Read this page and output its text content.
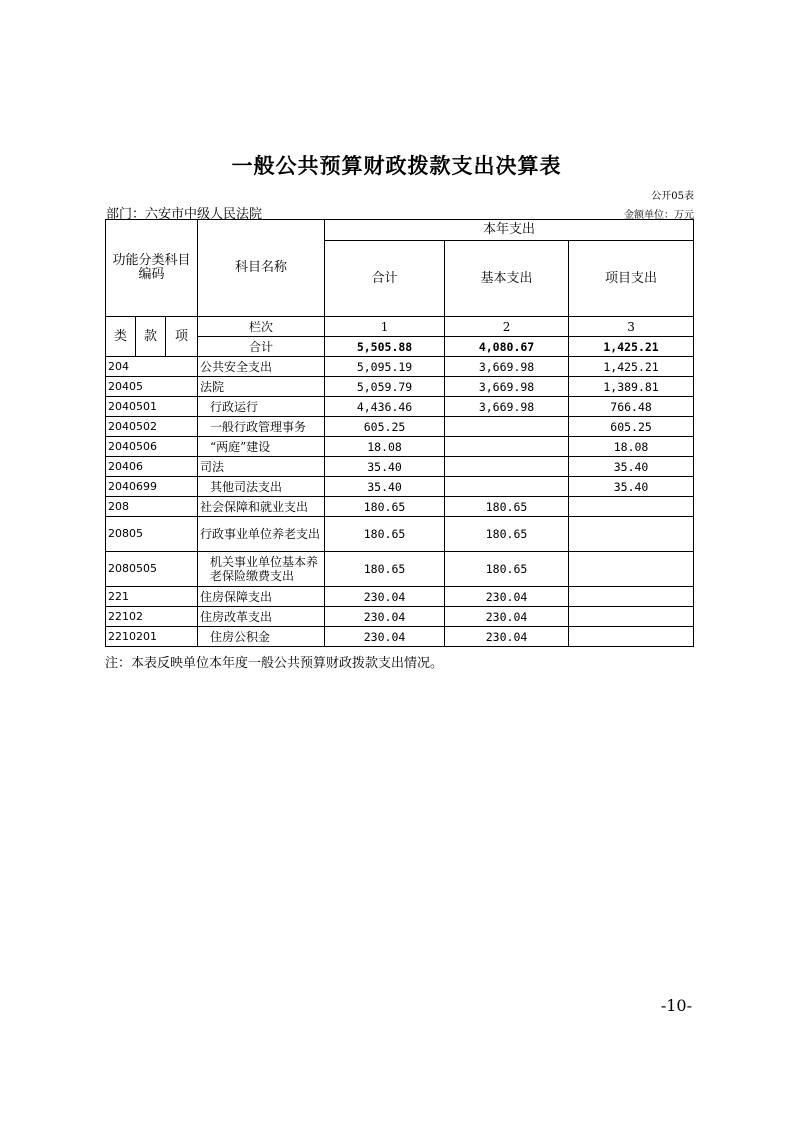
一般公共预算财政拨款支出决算表
公开05表
部门：六安市中级人民法院	金额单位：万元
功能分类科目编码			科目名称	本年支出		
				合计	基本支出	项目支出
类	款	项	栏次	1	2	3
			合计	5,505.88	4,080.67	1,425.21
204			公共安全支出	5,095.19	3,669.98	1,425.21
20405			法院	5,059.79	3,669.98	1,389.81
2040501			行政运行	4,436.46	3,669.98	766.48
2040502			一般行政管理事务	605.25		605.25
2040506			“两庭”建设	18.08		18.08
20406			司法	35.40		35.40
2040699			其他司法支出	35.40		35.40
208			社会保障和就业支出	180.65	180.65	
20805			行政事业单位养老支出	180.65	180.65	
2080505			机关事业单位基本养老保险缴费支出	180.65	180.65	
221			住房保障支出	230.04	230.04	
22102			住房改革支出	230.04	230.04	
2210201			住房公积金	230.04	230.04	
注：本表反映单位本年度一般公共预算财政拨款支出情况。
-10-
